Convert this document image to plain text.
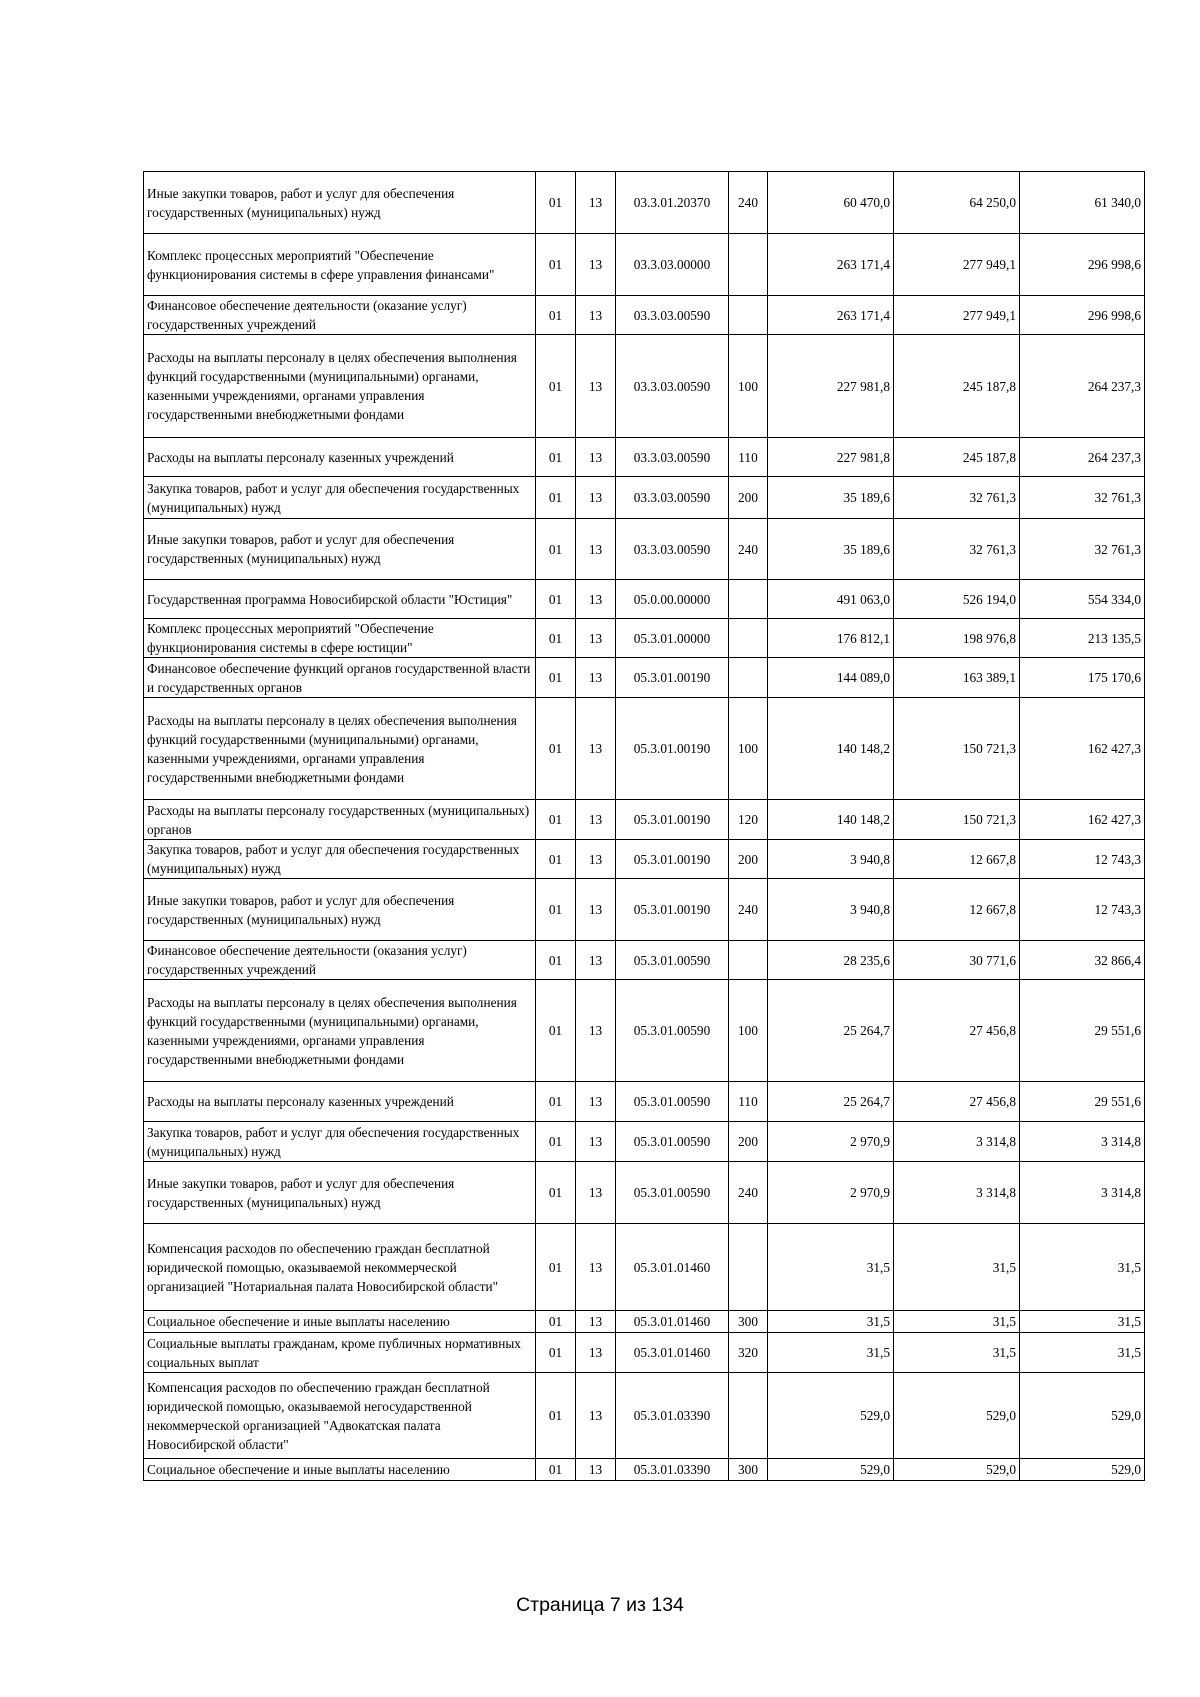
Иные закупки товаров, работ и услуг для обеспечения государственных (муниципальных) нужд	01	13	03.3.01.20370	240	60 470,0	64 250,0	61 340,0
Комплекс процессных мероприятий "Обеспечение функционирования системы в сфере управления финансами"	01	13	03.3.03.00000		263 171,4	277 949,1	296 998,6
Финансовое обеспечение деятельности (оказание услуг) государственных учреждений	01	13	03.3.03.00590		263 171,4	277 949,1	296 998,6
Расходы на выплаты персоналу в целях обеспечения выполнения функций государственными (муниципальными) органами, казенными учреждениями, органами управления государственными внебюджетными фондами	01	13	03.3.03.00590	100	227 981,8	245 187,8	264 237,3
Расходы на выплаты персоналу казенных учреждений	01	13	03.3.03.00590	110	227 981,8	245 187,8	264 237,3
Закупка товаров, работ и услуг для обеспечения государственных (муниципальных) нужд	01	13	03.3.03.00590	200	35 189,6	32 761,3	32 761,3
Иные закупки товаров, работ и услуг для обеспечения государственных (муниципальных) нужд	01	13	03.3.03.00590	240	35 189,6	32 761,3	32 761,3
Государственная программа Новосибирской области "Юстиция"	01	13	05.0.00.00000		491 063,0	526 194,0	554 334,0
Комплекс процессных мероприятий "Обеспечение функционирования системы в сфере юстиции"	01	13	05.3.01.00000		176 812,1	198 976,8	213 135,5
Финансовое обеспечение функций органов государственной власти и государственных органов	01	13	05.3.01.00190		144 089,0	163 389,1	175 170,6
Расходы на выплаты персоналу в целях обеспечения выполнения функций государственными (муниципальными) органами, казенными учреждениями, органами управления государственными внебюджетными фондами	01	13	05.3.01.00190	100	140 148,2	150 721,3	162 427,3
Расходы на выплаты персоналу государственных (муниципальных) органов	01	13	05.3.01.00190	120	140 148,2	150 721,3	162 427,3
Закупка товаров, работ и услуг для обеспечения государственных (муниципальных) нужд	01	13	05.3.01.00190	200	3 940,8	12 667,8	12 743,3
Иные закупки товаров, работ и услуг для обеспечения государственных (муниципальных) нужд	01	13	05.3.01.00190	240	3 940,8	12 667,8	12 743,3
Финансовое обеспечение деятельности (оказания услуг) государственных учреждений	01	13	05.3.01.00590		28 235,6	30 771,6	32 866,4
Расходы на выплаты персоналу в целях обеспечения выполнения функций государственными (муниципальными) органами, казенными учреждениями, органами управления государственными внебюджетными фондами	01	13	05.3.01.00590	100	25 264,7	27 456,8	29 551,6
Расходы на выплаты персоналу казенных учреждений	01	13	05.3.01.00590	110	25 264,7	27 456,8	29 551,6
Закупка товаров, работ и услуг для обеспечения государственных (муниципальных) нужд	01	13	05.3.01.00590	200	2 970,9	3 314,8	3 314,8
Иные закупки товаров, работ и услуг для обеспечения государственных (муниципальных) нужд	01	13	05.3.01.00590	240	2 970,9	3 314,8	3 314,8
Компенсация расходов по обеспечению граждан бесплатной юридической помощью, оказываемой некоммерческой организацией "Нотариальная палата Новосибирской области"	01	13	05.3.01.01460		31,5	31,5	31,5
Социальное обеспечение и иные выплаты населению	01	13	05.3.01.01460	300	31,5	31,5	31,5
Социальные выплаты гражданам, кроме публичных нормативных социальных выплат	01	13	05.3.01.01460	320	31,5	31,5	31,5
Компенсация расходов по обеспечению граждан бесплатной юридической помощью, оказываемой негосударственной некоммерческой организацией "Адвокатская палата Новосибирской области"	01	13	05.3.01.03390		529,0	529,0	529,0
Социальное обеспечение и иные выплаты населению	01	13	05.3.01.03390	300	529,0	529,0	529,0
Страница 7 из 134
